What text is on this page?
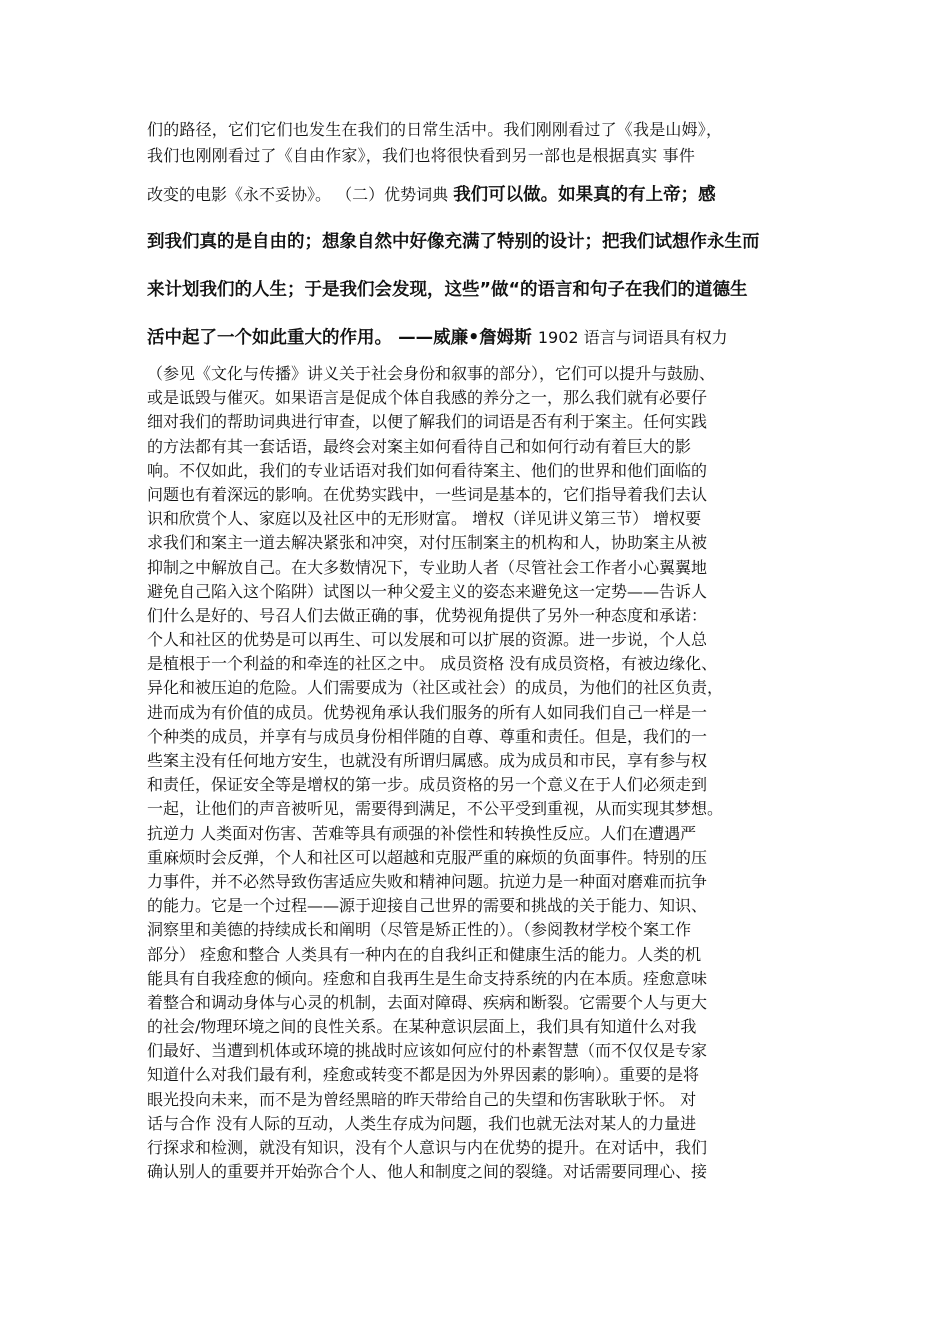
们的路径，它们它们也发生在我们的日常生活中。我们刚刚看过了《我是山姆》，
我们也刚刚看过了《自由作家》，我们也将很快看到另一部也是根据真实 事件
改变的电影《永不妥协》。 （二）优势词典 我们可以做。如果真的有上帝；感
到我们真的是自由的；想象自然中好像充满了特别的设计；把我们试想作永生而
来计划我们的人生；于是我们会发现，这些”做“的语言和句子在我们的道德生
活中起了一个如此重大的作用。 ——威廉•詹姆斯 1902 语言与词语具有权力
（参见《文化与传播》讲义关于社会身份和叙事的部分），它们可以提升与鼓励、
或是诋毁与催灭。如果语言是促成个体自我感的养分之一，那么我们就有必要仔
细对我们的帮助词典进行审查，以便了解我们的词语是否有利于案主。任何实践
的方法都有其一套话语，最终会对案主如何看待自己和如何行动有着巨大的影
响。不仅如此，我们的专业话语对我们如何看待案主、他们的世界和他们面临的
问题也有着深远的影响。在优势实践中，一些词是基本的，它们指导着我们去认
识和欣赏个人、家庭以及社区中的无形财富。 增权（详见讲义第三节） 增权要
求我们和案主一道去解决紧张和冲突，对付压制案主的机构和人，协助案主从被
抑制之中解放自己。在大多数情况下，专业助人者（尽管社会工作者小心翼翼地
避免自己陷入这个陷阱）试图以一种父爱主义的姿态来避免这一定势——告诉人
们什么是好的、号召人们去做正确的事，优势视角提供了另外一种态度和承诺：
个人和社区的优势是可以再生、可以发展和可以扩展的资源。进一步说，个人总
是植根于一个利益的和牵连的社区之中。 成员资格 没有成员资格，有被边缘化、
异化和被压迫的危险。人们需要成为（社区或社会）的成员，为他们的社区负责，
进而成为有价值的成员。优势视角承认我们服务的所有人如同我们自己一样是一
个种类的成员，并享有与成员身份相伴随的自尊、尊重和责任。但是，我们的一
些案主没有任何地方安生，也就没有所谓归属感。成为成员和市民，享有参与权
和责任，保证安全等是增权的第一步。成员资格的另一个意义在于人们必须走到
一起，让他们的声音被听见，需要得到满足，不公平受到重视，从而实现其梦想。
抗逆力 人类面对伤害、苦难等具有顽强的补偿性和转换性反应。人们在遭遇严
重麻烦时会反弹，个人和社区可以超越和克服严重的麻烦的负面事件。特别的压
力事件，并不必然导致伤害适应失败和精神问题。抗逆力是一种面对磨难而抗争
的能力。它是一个过程——源于迎接自己世界的需要和挑战的关于能力、知识、
洞察里和美德的持续成长和阐明（尽管是矫正性的）。（参阅教材学校个案工作
部分） 痊愈和整合 人类具有一种内在的自我纠正和健康生活的能力。人类的机
能具有自我痊愈的倾向。痊愈和自我再生是生命支持系统的内在本质。痊愈意味
着整合和调动身体与心灵的机制，去面对障碍、疾病和断裂。它需要个人与更大
的社会/物理环境之间的良性关系。在某种意识层面上，我们具有知道什么对我
们最好、当遭到机体或环境的挑战时应该如何应付的朴素智慧（而不仅仅是专家
知道什么对我们最有利，痊愈或转变不都是因为外界因素的影响）。重要的是将
眼光投向未来，而不是为曾经黑暗的昨天带给自己的失望和伤害耿耿于怀。 对
话与合作 没有人际的互动，人类生存成为问题，我们也就无法对某人的力量进
行探求和检测，就没有知识，没有个人意识与内在优势的提升。在对话中，我们
确认别人的重要并开始弥合个人、他人和制度之间的裂缝。对话需要同理心、接
